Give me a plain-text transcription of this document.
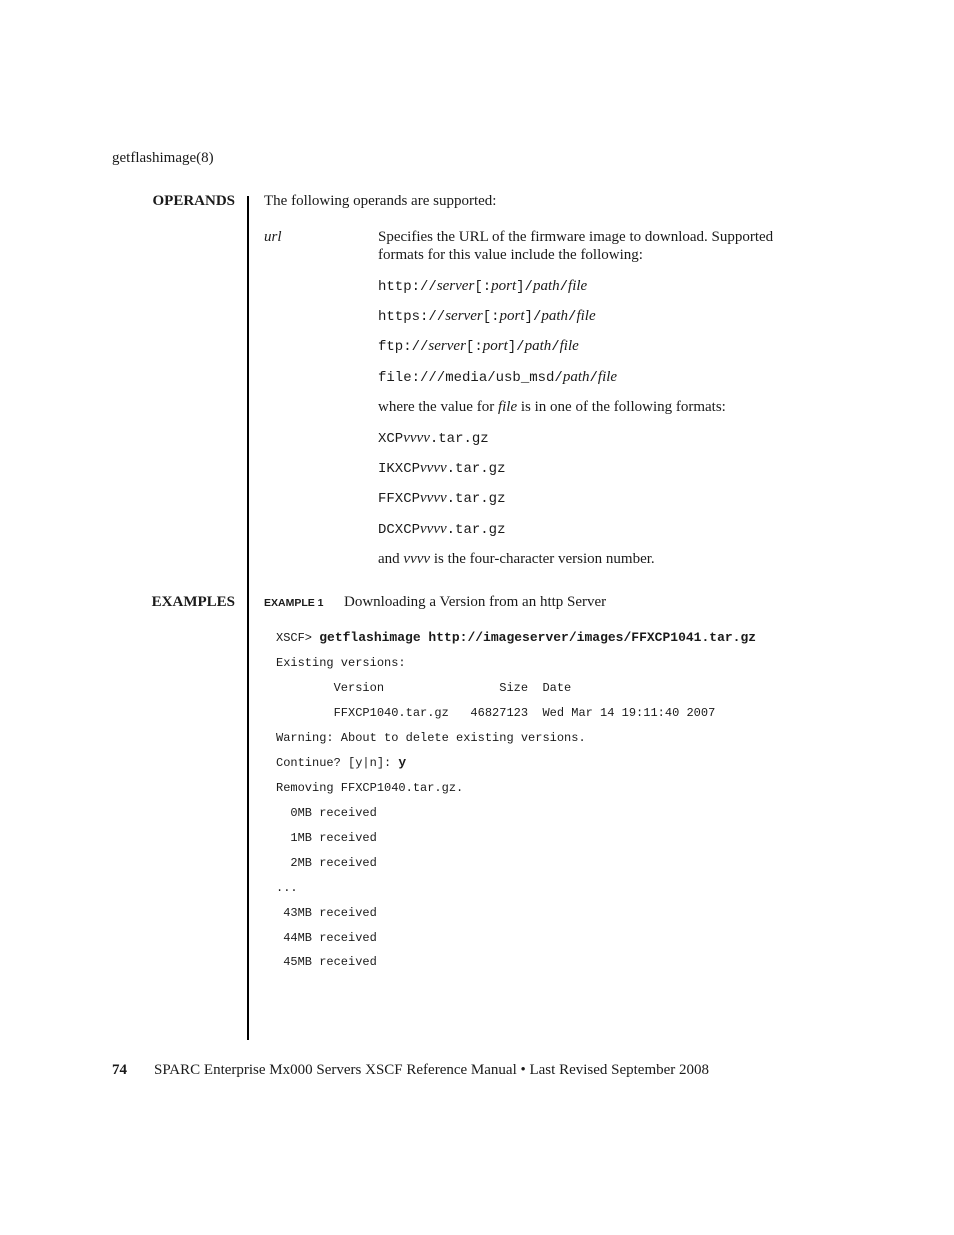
getflashimage(8)
OPERANDS The following operands are supported:
url	Specifies the URL of the firmware image to download. Supported
formats for this value include the following:
http://server[:port]/path/file
https://server[:port]/path/file
ftp://server[:port]/path/file
file:///media/usb_msd/path/file
where the value for file is in one of the following formats:
XCPvvvv.tar.gz
IKXCPvvvv.tar.gz
FFXCPvvvv.tar.gz
DCXCPvvvv.tar.gz
and vvvv is the four-character version number.
EXAMPLES	EXAMPLE 1 Downloading a Version from an http Server
XSCF> getflashimage http://imageserver/images/FFXCP1041.tar.gz
Existing versions:
Version                Size  Date
FFXCP1040.tar.gz   46827123  Wed Mar 14 19:11:40 2007
Warning: About to delete existing versions.
Continue? [y|n]: y
Removing FFXCP1040.tar.gz.
0MB received
1MB received
2MB received
...
43MB received
44MB received
45MB received
74 SPARC Enterprise Mx000 Servers XSCF Reference Manual • Last Revised September 2008
